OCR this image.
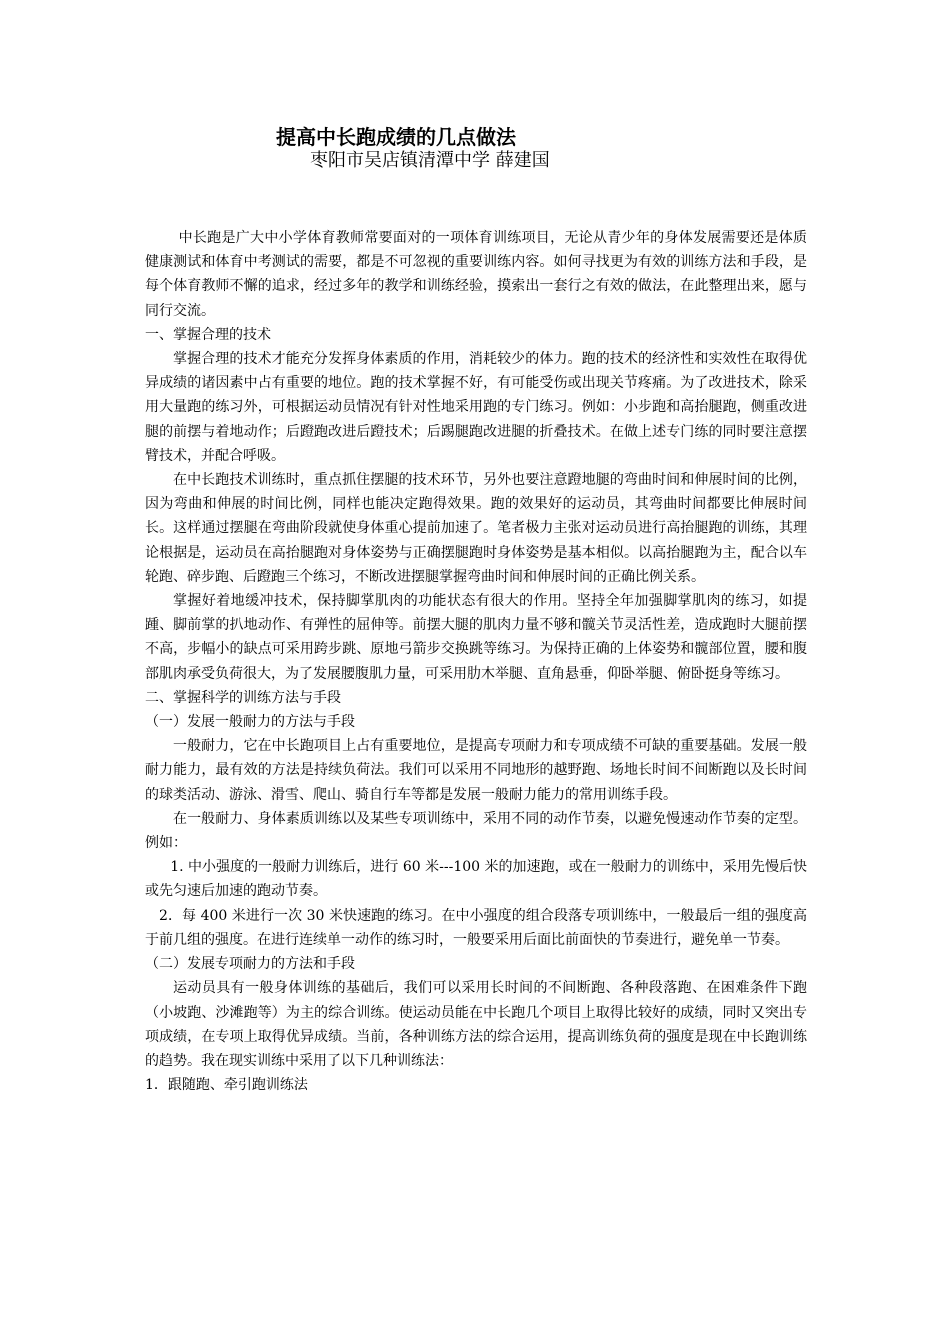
提高中长跑成绩的几点做法
枣阳市吴店镇清潭中学 薛建国

中长跑是广大中小学体育教师常要面对的一项体育训练项目，无论从青少年的身体发展需要还是体质健康测试和体育中考测试的需要，都是不可忽视的重要训练内容。如何寻找更为有效的训练方法和手段，是每个体育教师不懈的追求，经过多年的教学和训练经验，摸索出一套行之有效的做法，在此整理出来，愿与同行交流。

一、掌握合理的技术

掌握合理的技术才能充分发挥身体素质的作用，消耗较少的体力。跑的技术的经济性和实效性在取得优异成绩的诸因素中占有重要的地位。跑的技术掌握不好，有可能受伤或出现关节疼痛。为了改进技术，除采用大量跑的练习外，可根据运动员情况有针对性地采用跑的专门练习。例如：小步跑和高抬腿跑，侧重改进腿的前摆与着地动作；后蹬跑改进后蹬技术；后踢腿跑改进腿的折叠技术。在做上述专门练的同时要注意摆臂技术，并配合呼吸。

在中长跑技术训练时，重点抓住摆腿的技术环节，另外也要注意蹬地腿的弯曲时间和伸展时间的比例，因为弯曲和伸展的时间比例，同样也能决定跑得效果。跑的效果好的运动员，其弯曲时间都要比伸展时间长。这样通过摆腿在弯曲阶段就使身体重心提前加速了。笔者极力主张对运动员进行高抬腿跑的训练，其理论根据是，运动员在高抬腿跑对身体姿势与正确摆腿跑时身体姿势是基本相似。以高抬腿跑为主，配合以车轮跑、碎步跑、后蹬跑三个练习，不断改进摆腿掌握弯曲时间和伸展时间的正确比例关系。

掌握好着地缓冲技术，保持脚掌肌肉的功能状态有很大的作用。坚持全年加强脚掌肌肉的练习，如提踵、脚前掌的扒地动作、有弹性的屈伸等。前摆大腿的肌肉力量不够和髋关节灵活性差，造成跑时大腿前摆不高，步幅小的缺点可采用跨步跳、原地弓箭步交换跳等练习。为保持正确的上体姿势和髋部位置，腰和腹部肌肉承受负荷很大，为了发展腰腹肌力量，可采用肋木举腿、直角悬垂，仰卧举腿、俯卧挺身等练习。

二、掌握科学的训练方法与手段

（一）发展一般耐力的方法与手段

一般耐力，它在中长跑项目上占有重要地位，是提高专项耐力和专项成绩不可缺的重要基础。发展一般耐力能力，最有效的方法是持续负荷法。我们可以采用不同地形的越野跑、场地长时间不间断跑以及长时间的球类活动、游泳、滑雪、爬山、骑自行车等都是发展一般耐力能力的常用训练手段。

在一般耐力、身体素质训练以及某些专项训练中，采用不同的动作节奏，以避免慢速动作节奏的定型。例如：

1. 中小强度的一般耐力训练后，进行 60 米---100 米的加速跑，或在一般耐力的训练中，采用先慢后快或先匀速后加速的跑动节奏。

2．每 400 米进行一次 30 米快速跑的练习。在中小强度的组合段落专项训练中，一般最后一组的强度高于前几组的强度。在进行连续单一动作的练习时，一般要采用后面比前面快的节奏进行，避免单一节奏。

（二）发展专项耐力的方法和手段

运动员具有一般身体训练的基础后，我们可以采用长时间的不间断跑、各种段落跑、在困难条件下跑（小坡跑、沙滩跑等）为主的综合训练。使运动员能在中长跑几个项目上取得比较好的成绩，同时又突出专项成绩，在专项上取得优异成绩。当前，各种训练方法的综合运用，提高训练负荷的强度是现在中长跑训练的趋势。我在现实训练中采用了以下几种训练法：

1．跟随跑、牵引跑训练法
